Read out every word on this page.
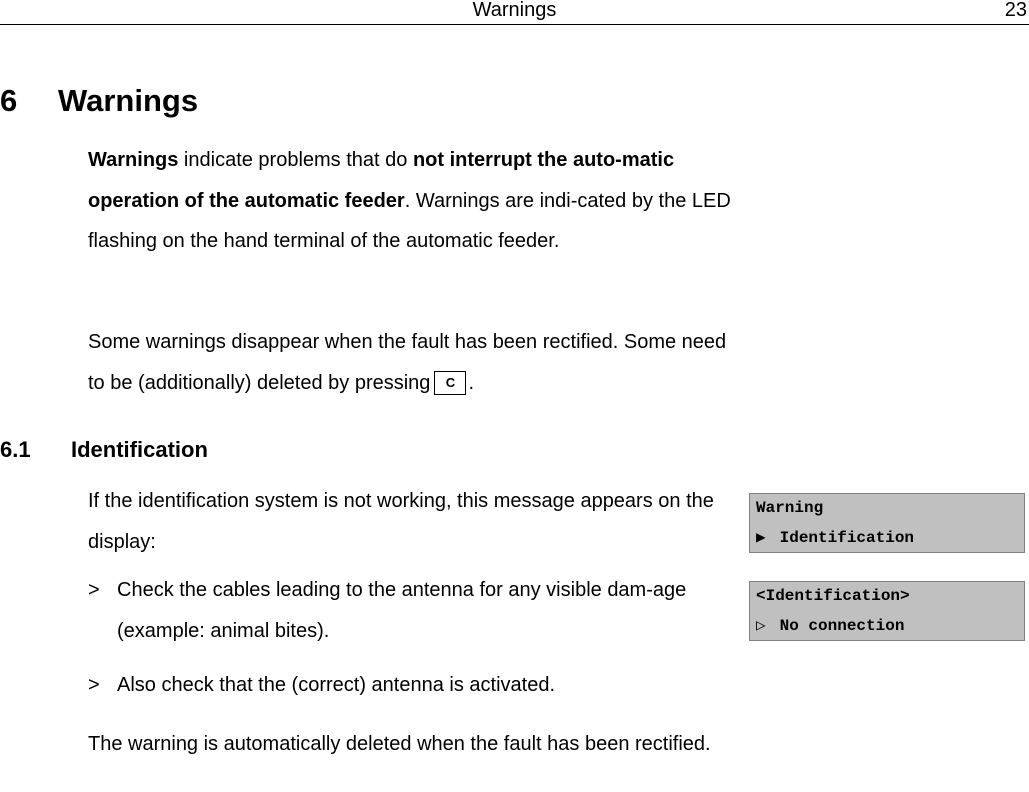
Warnings	23
6 Warnings
Warnings indicate problems that do not interrupt the auto-matic operation of the automatic feeder. Warnings are indi-cated by the LED flashing on the hand terminal of the automatic feeder.
Some warnings disappear when the fault has been rectified. Some need to be (additionally) deleted by pressing C .
6.1 Identification
If the identification system is not working, this message appears on the display:
> Check the cables leading to the antenna for any visible dam-age (example: animal bites).
> Also check that the (correct) antenna is activated.
The warning is automatically deleted when the fault has been rectified.
Warning
▶ Identification
<Identification>
▷ No connection
